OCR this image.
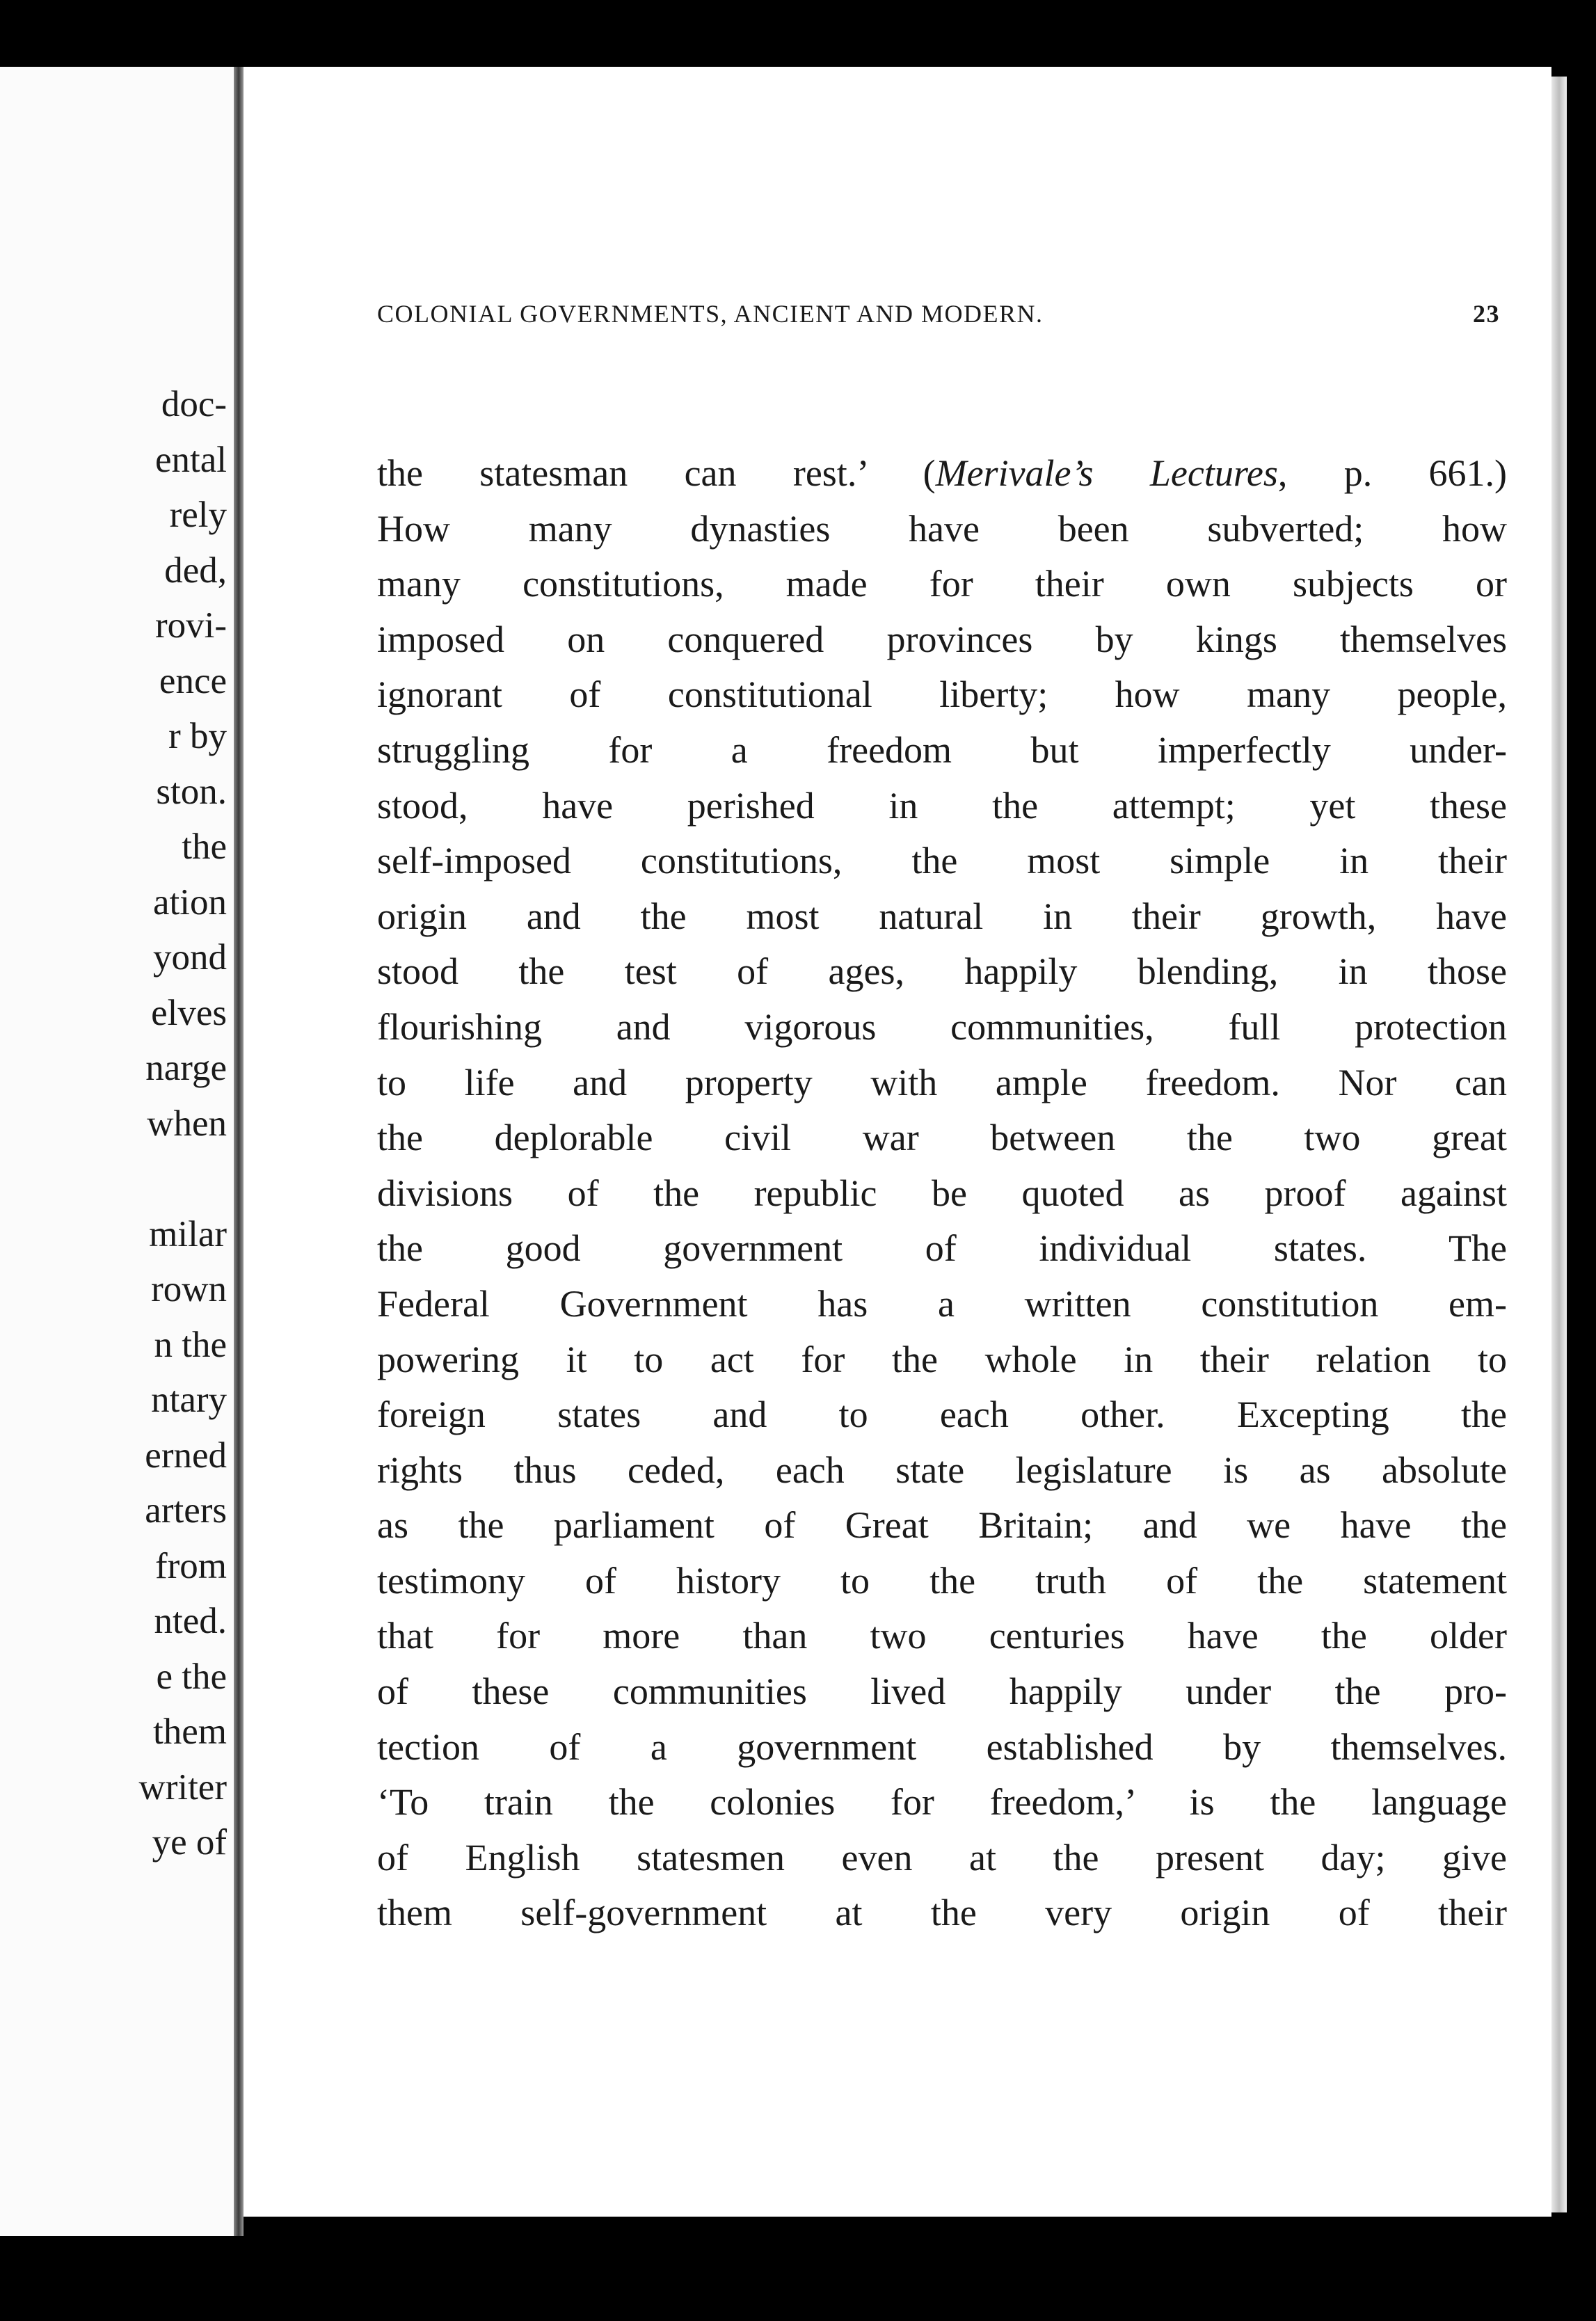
doc-
ental
rely
ded,
rovi-
ence
r by
ston.
the
ation
yond
elves
narge
when
milar
rown
n the
ntary
erned
arters
from
nted.
e the
them
writer
ye of
COLONIAL GOVERNMENTS, ANCIENT AND MODERN.	23
the statesman can rest.’ (Merivale’s Lectures, p. 661.)
How many dynasties have been subverted; how
many constitutions, made for their own subjects or
imposed on conquered provinces by kings themselves
ignorant of constitutional liberty; how many people,
struggling for a freedom but imperfectly under-
stood, have perished in the attempt; yet these
self-imposed constitutions, the most simple in their
origin and the most natural in their growth, have
stood the test of ages, happily blending, in those
flourishing and vigorous communities, full protection
to life and property with ample freedom. Nor can
the deplorable civil war between the two great
divisions of the republic be quoted as proof against
the good government of individual states. The
Federal Government has a written constitution em-
powering it to act for the whole in their relation to
foreign states and to each other. Excepting the
rights thus ceded, each state legislature is as absolute
as the parliament of Great Britain; and we have the
testimony of history to the truth of the statement
that for more than two centuries have the older
of these communities lived happily under the pro-
tection of a government established by themselves.
‘To train the colonies for freedom,’ is the language
of English statesmen even at the present day; give
them self-government at the very origin of their
